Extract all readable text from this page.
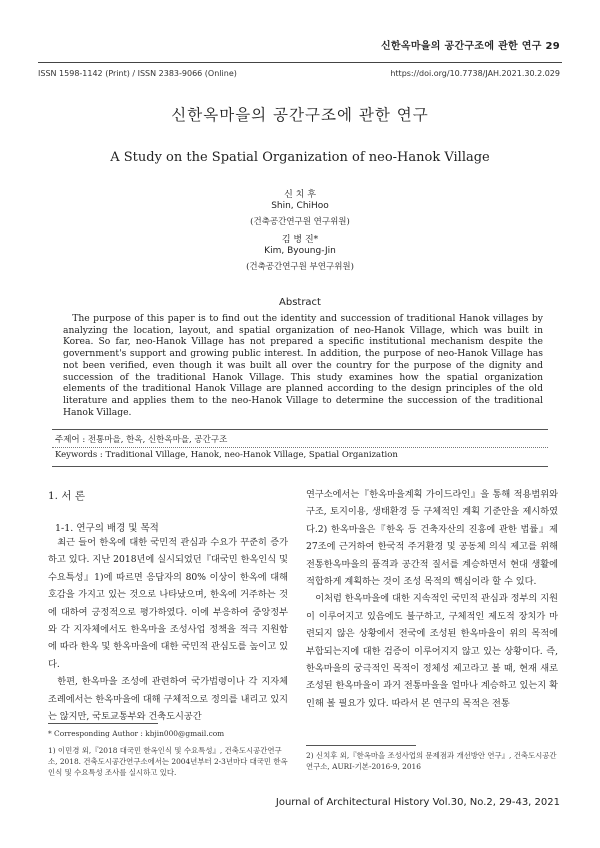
신한옥마을의 공간구조에 관한 연구 29
ISSN 1598-1142 (Print) / ISSN 2383-9066 (Online)	https://doi.org/10.7738/JAH.2021.30.2.029
신한옥마을의 공간구조에 관한 연구
A Study on the Spatial Organization of neo-Hanok Village
신 치 후
Shin, ChiHoo
(건축공간연구원 연구위원)
김 병 진*
Kim, Byoung-Jin
(건축공간연구원 부연구위원)
Abstract
The purpose of this paper is to find out the identity and succession of traditional Hanok villages by analyzing the location, layout, and spatial organization of neo-Hanok Village, which was built in Korea. So far, neo-Hanok Village has not prepared a specific institutional mechanism despite the government's support and growing public interest. In addition, the purpose of neo-Hanok Village has not been verified, even though it was built all over the country for the purpose of the dignity and succession of the traditional Hanok Village. This study examines how the spatial organization elements of the traditional Hanok Village are planned according to the design principles of the old literature and applies them to the neo-Hanok Village to determine the succession of the traditional Hanok Village.
주제어 : 전통마을, 한옥, 신한옥마을, 공간구조
Keywords : Traditional Village, Hanok, neo-Hanok Village, Spatial Organization
1. 서 론
1-1. 연구의 배경 및 목적

최근 들어 한옥에 대한 국민적 관심과 수요가 꾸준히 증가하고 있다. 지난 2018년에 실시되었던『대국민 한옥인식 및 수요특성』1)에 따르면 응답자의 80% 이상이 한옥에 대해 호감을 가지고 있는 것으로 나타났으며, 한옥에 거주하는 것에 대하여 긍정적으로 평가하였다. 이에 부응하여 중앙정부와 각 지자체에서도 한옥마을 조성사업 정책을 적극 지원함에 따라 한옥 및 한옥마을에 대한 국민적 관심도를 높이고 있다.

한편, 한옥마을 조성에 관련하여 국가법령이나 각 지자체 조례에서는 한옥마을에 대해 구체적으로 정의를 내리고 있지는 않지만, 국토교통부와 건축도시공간

연구소에서는『한옥마을계획 가이드라인』을 통해 적용범위와 구조, 토지이용, 생태환경 등 구체적인 계획 기준안을 제시하였다.2) 한옥마을은『한옥 등 건축자산의 진흥에 관한 법률』제27조에 근거하여 한국적 주거환경 및 공동체 의식 제고를 위해 전통한옥마을의 품격과 공간적 질서를 계승하면서 현대 생활에 적합하게 계획하는 것이 조성 목적의 핵심이라 할 수 있다.

이처럼 한옥마을에 대한 지속적인 국민적 관심과 정부의 지원이 이루어지고 있음에도 불구하고, 구체적인 제도적 장치가 마련되지 않은 상황에서 전국에 조성된 한옥마을이 위의 목적에 부합되는지에 대한 검증이 이루어지지 않고 있는 상황이다. 즉, 한옥마을의 궁극적인 목적이 정체성 제고라고 볼 때, 현재 새로 조성된 한옥마을이 과거 전통마을을 얼마나 계승하고 있는지 확인해 볼 필요가 있다. 따라서 본 연구의 목적은 전통

* Corresponding Author : kbjin000@gmail.com
1) 이민경 외,『2018 대국민 한옥인식 및 수요특성』, 건축도시공간연구소, 2018. 건축도시공간연구소에서는 2004년부터 2-3년마다 대국민 한옥인식 및 수요특성 조사를 실시하고 있다.
2) 신치후 외,『한옥마을 조성사업의 문제점과 개선방안 연구』, 건축도시공간연구소, AURI-기본-2016-9, 2016
Journal of Architectural History Vol.30, No.2, 29-43, 2021
